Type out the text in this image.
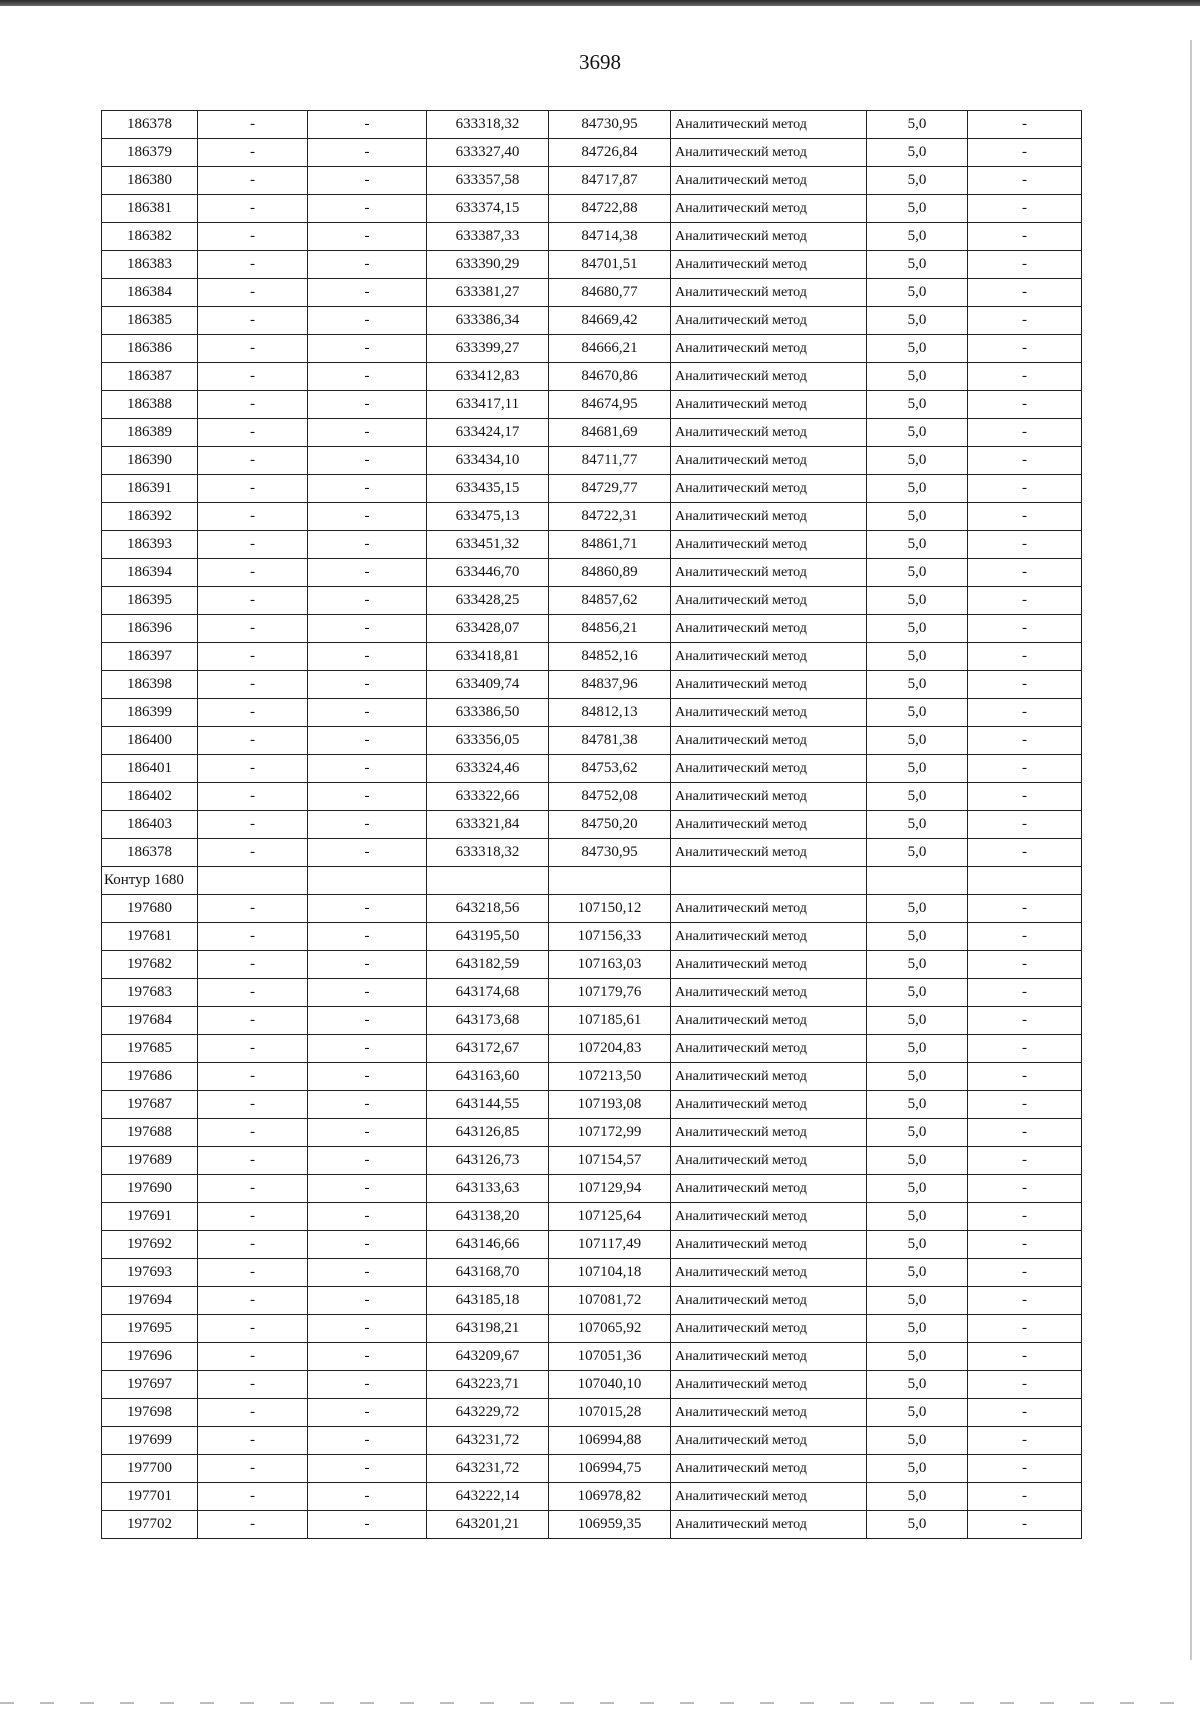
3698
186378	-	-	633318,32	84730,95	Аналитический метод	5,0	-
186379	-	-	633327,40	84726,84	Аналитический метод	5,0	-
186380	-	-	633357,58	84717,87	Аналитический метод	5,0	-
186381	-	-	633374,15	84722,88	Аналитический метод	5,0	-
186382	-	-	633387,33	84714,38	Аналитический метод	5,0	-
186383	-	-	633390,29	84701,51	Аналитический метод	5,0	-
186384	-	-	633381,27	84680,77	Аналитический метод	5,0	-
186385	-	-	633386,34	84669,42	Аналитический метод	5,0	-
186386	-	-	633399,27	84666,21	Аналитический метод	5,0	-
186387	-	-	633412,83	84670,86	Аналитический метод	5,0	-
186388	-	-	633417,11	84674,95	Аналитический метод	5,0	-
186389	-	-	633424,17	84681,69	Аналитический метод	5,0	-
186390	-	-	633434,10	84711,77	Аналитический метод	5,0	-
186391	-	-	633435,15	84729,77	Аналитический метод	5,0	-
186392	-	-	633475,13	84722,31	Аналитический метод	5,0	-
186393	-	-	633451,32	84861,71	Аналитический метод	5,0	-
186394	-	-	633446,70	84860,89	Аналитический метод	5,0	-
186395	-	-	633428,25	84857,62	Аналитический метод	5,0	-
186396	-	-	633428,07	84856,21	Аналитический метод	5,0	-
186397	-	-	633418,81	84852,16	Аналитический метод	5,0	-
186398	-	-	633409,74	84837,96	Аналитический метод	5,0	-
186399	-	-	633386,50	84812,13	Аналитический метод	5,0	-
186400	-	-	633356,05	84781,38	Аналитический метод	5,0	-
186401	-	-	633324,46	84753,62	Аналитический метод	5,0	-
186402	-	-	633322,66	84752,08	Аналитический метод	5,0	-
186403	-	-	633321,84	84750,20	Аналитический метод	5,0	-
186378	-	-	633318,32	84730,95	Аналитический метод	5,0	-
Контур 1680							
197680	-	-	643218,56	107150,12	Аналитический метод	5,0	-
197681	-	-	643195,50	107156,33	Аналитический метод	5,0	-
197682	-	-	643182,59	107163,03	Аналитический метод	5,0	-
197683	-	-	643174,68	107179,76	Аналитический метод	5,0	-
197684	-	-	643173,68	107185,61	Аналитический метод	5,0	-
197685	-	-	643172,67	107204,83	Аналитический метод	5,0	-
197686	-	-	643163,60	107213,50	Аналитический метод	5,0	-
197687	-	-	643144,55	107193,08	Аналитический метод	5,0	-
197688	-	-	643126,85	107172,99	Аналитический метод	5,0	-
197689	-	-	643126,73	107154,57	Аналитический метод	5,0	-
197690	-	-	643133,63	107129,94	Аналитический метод	5,0	-
197691	-	-	643138,20	107125,64	Аналитический метод	5,0	-
197692	-	-	643146,66	107117,49	Аналитический метод	5,0	-
197693	-	-	643168,70	107104,18	Аналитический метод	5,0	-
197694	-	-	643185,18	107081,72	Аналитический метод	5,0	-
197695	-	-	643198,21	107065,92	Аналитический метод	5,0	-
197696	-	-	643209,67	107051,36	Аналитический метод	5,0	-
197697	-	-	643223,71	107040,10	Аналитический метод	5,0	-
197698	-	-	643229,72	107015,28	Аналитический метод	5,0	-
197699	-	-	643231,72	106994,88	Аналитический метод	5,0	-
197700	-	-	643231,72	106994,75	Аналитический метод	5,0	-
197701	-	-	643222,14	106978,82	Аналитический метод	5,0	-
197702	-	-	643201,21	106959,35	Аналитический метод	5,0	-
